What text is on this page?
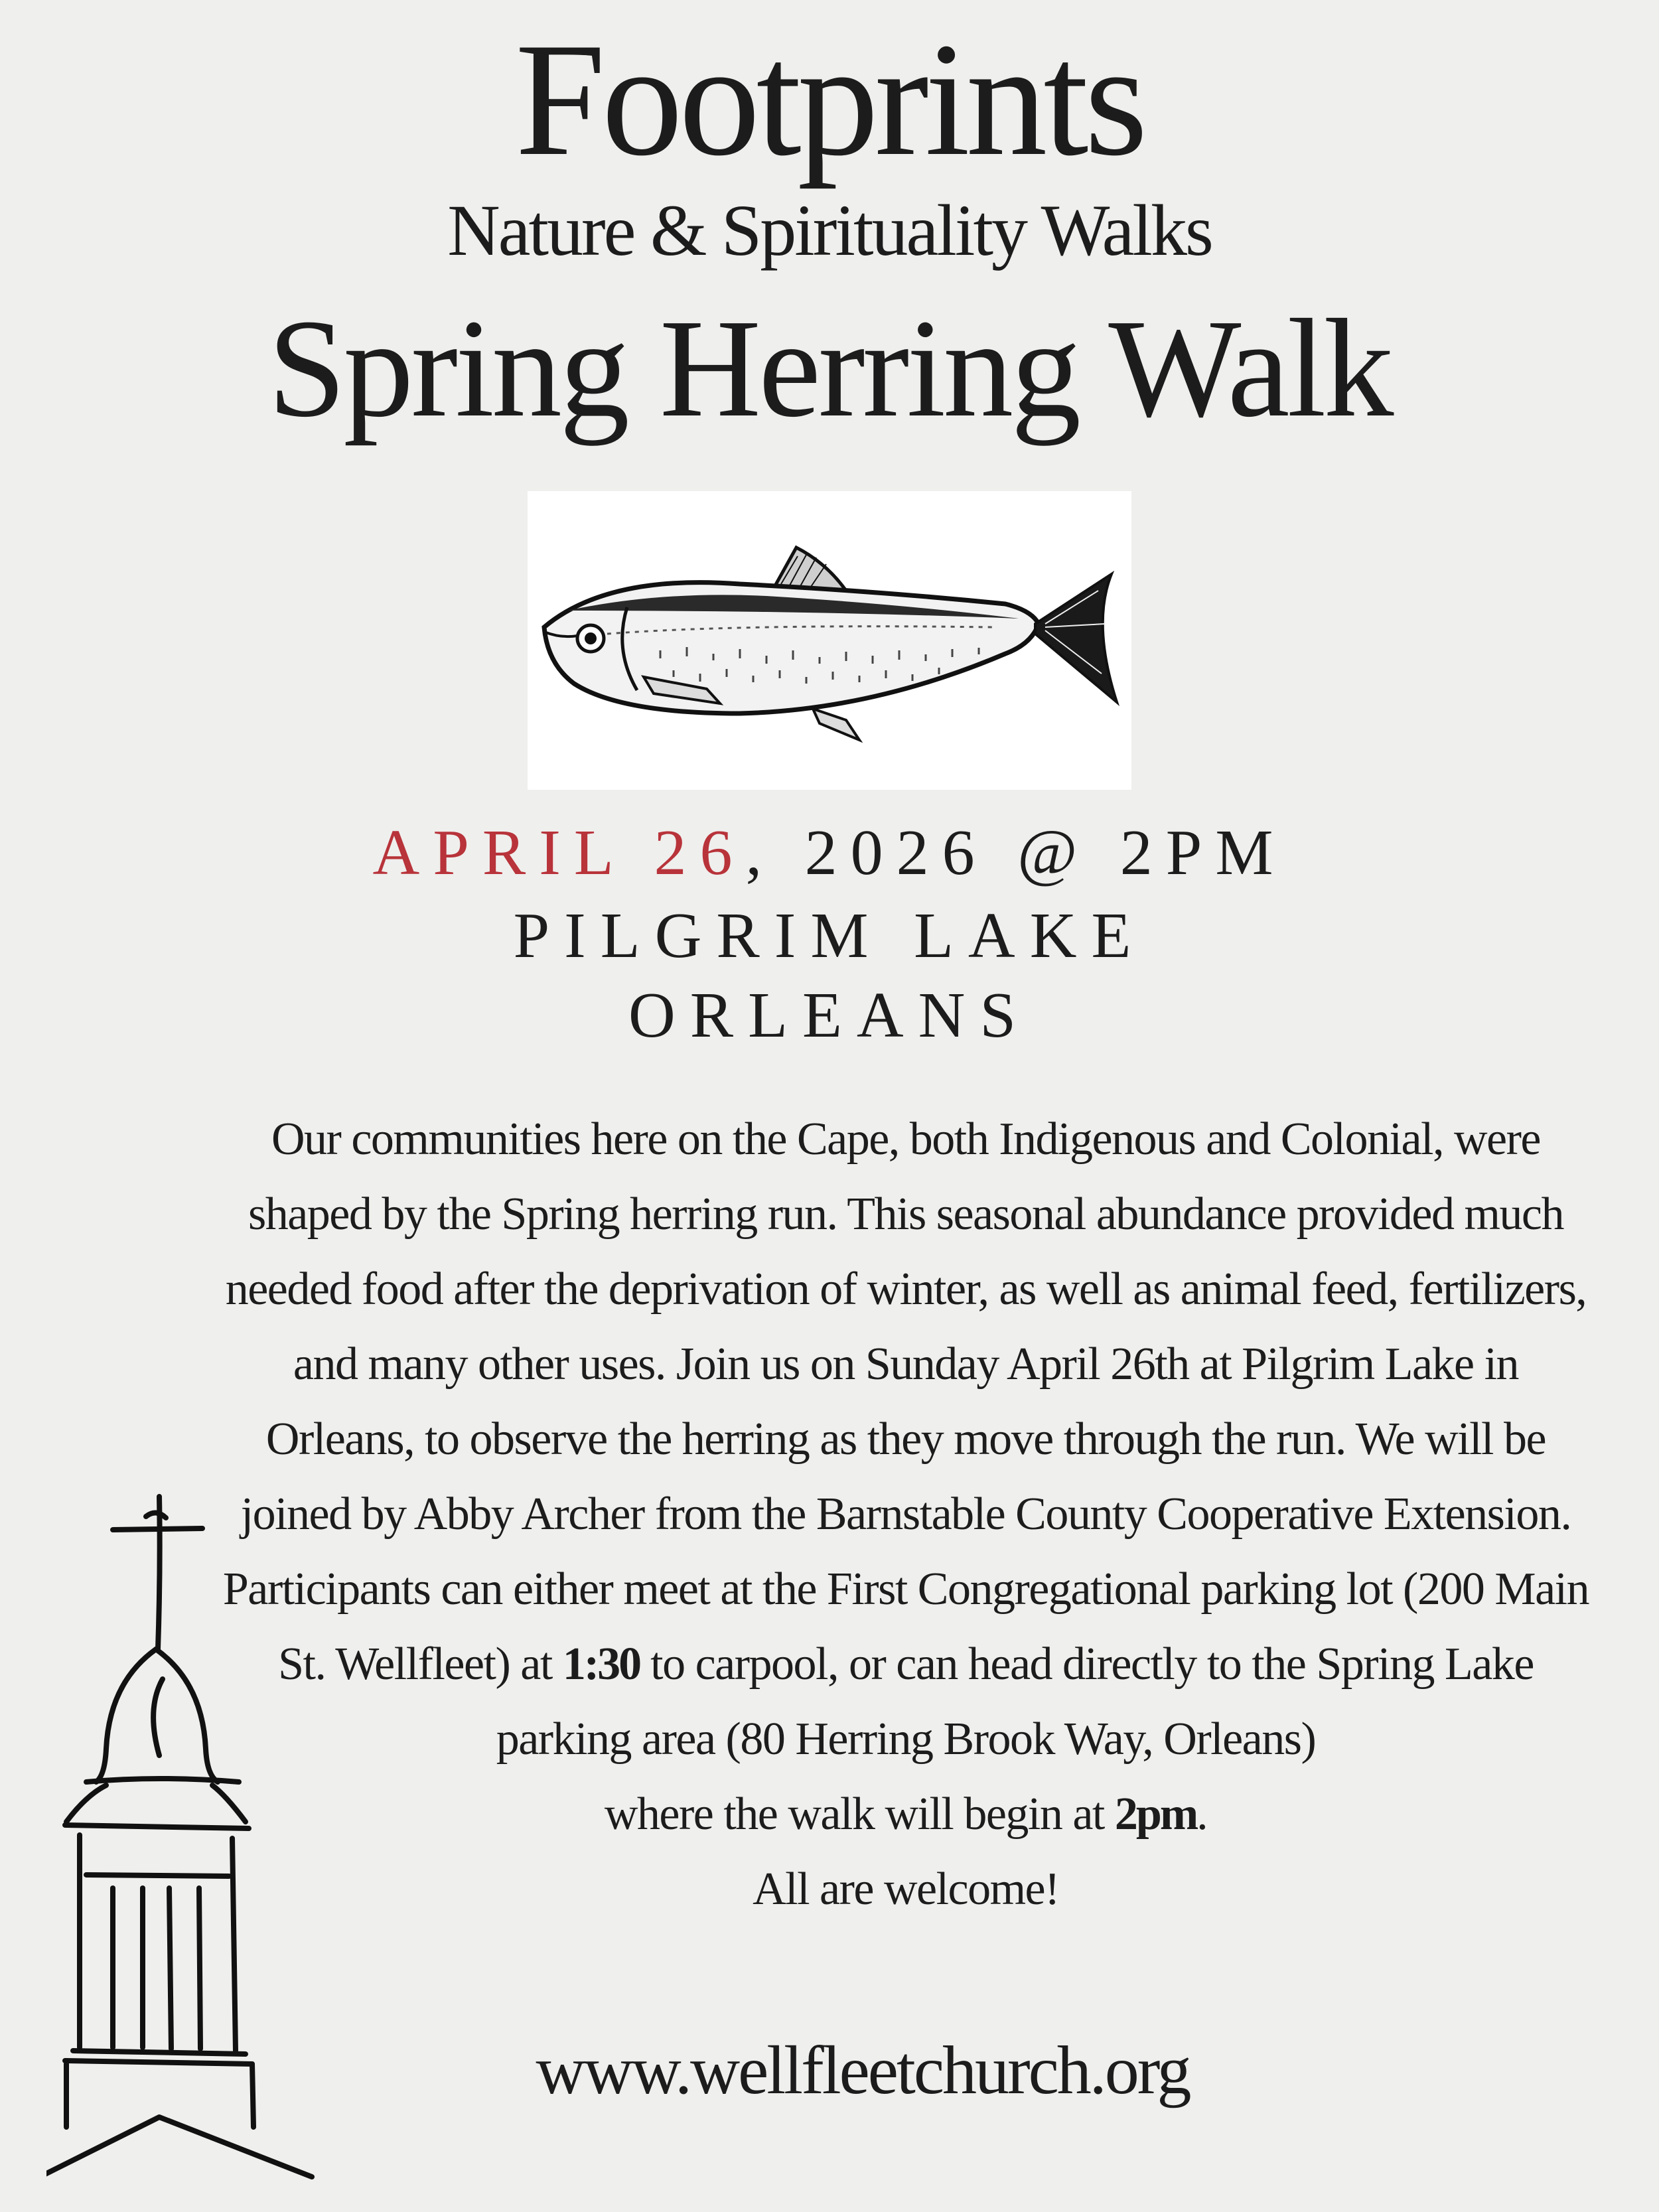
Footprints
Nature & Spirituality Walks
Spring Herring Walk
APRIL 26, 2026 @ 2PM
PILGRIM LAKE
ORLEANS

Our communities here on the Cape, both Indigenous and Colonial, were shaped by the Spring herring run. This seasonal abundance provided much needed food after the deprivation of winter, as well as animal feed, fertilizers, and many other uses. Join us on Sunday April 26th at Pilgrim Lake in Orleans, to observe the herring as they move through the run. We will be joined by Abby Archer from the Barnstable County Cooperative Extension. Participants can either meet at the First Congregational parking lot (200 Main St. Wellfleet) at 1:30 to carpool, or can head directly to the Spring Lake parking area (80 Herring Brook Way, Orleans)

where the walk will begin at 2pm.

All are welcome!

www.wellfleetchurch.org
